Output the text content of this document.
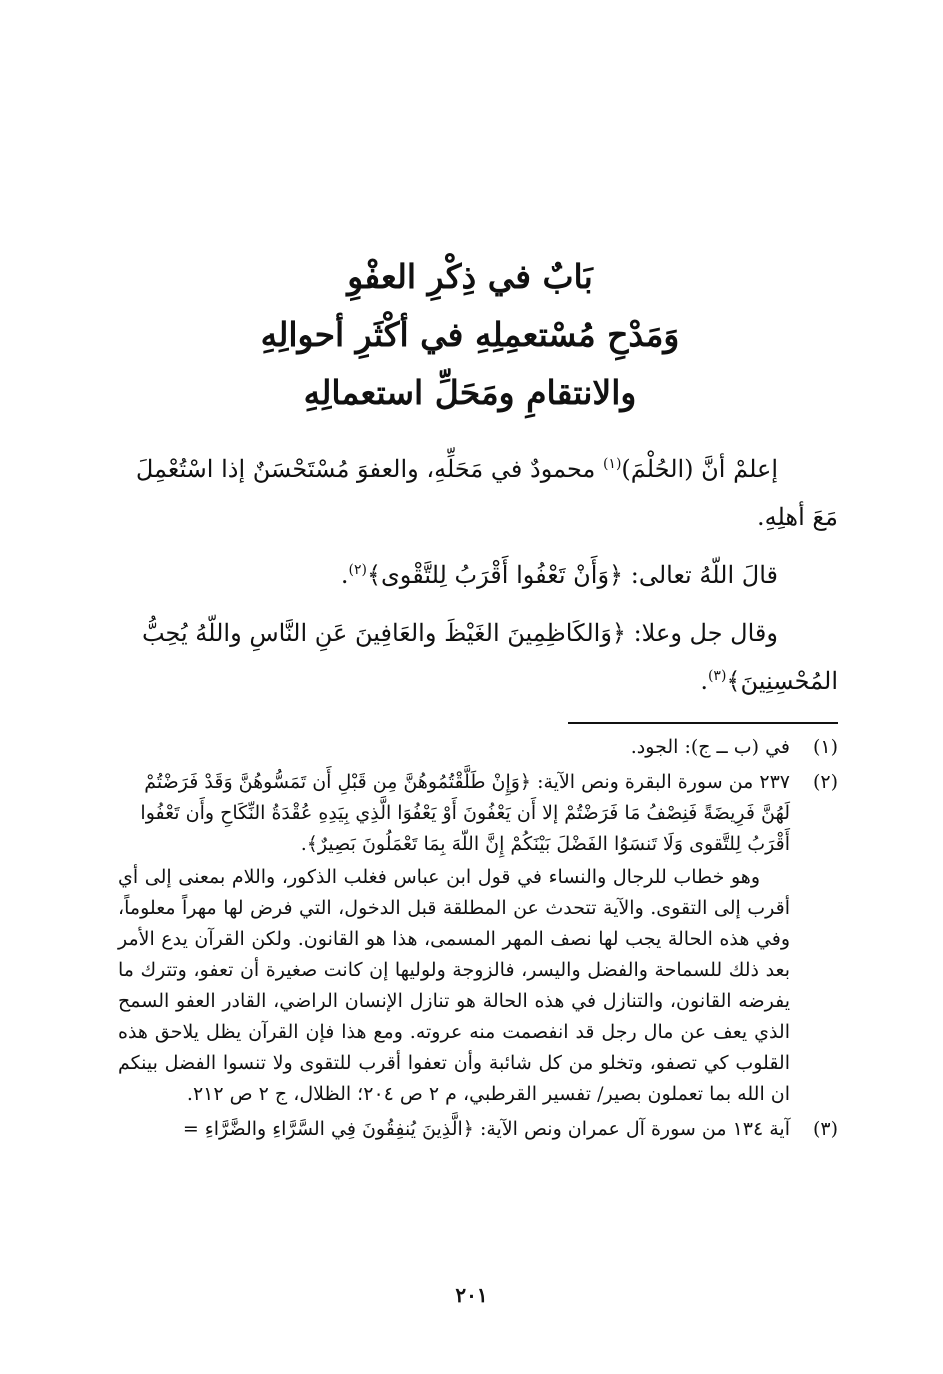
بَابٌ في ذِكْرِ العفْوِ
وَمَدْحِ مُسْتعمِلِهِ في أكْثَرِ أحوالِهِ
والانتقامِ ومَحَلِّ استعمالِهِ

إعلمْ أنَّ (الحُلْمَ)$^{(١)}$ محمودٌ في مَحَلِّهِ، والعفوَ مُسْتَحْسَنٌ إذا اسْتُعْمِلَ مَعَ أهلِهِ.

قالَ اللّهُ تعالى: ﴿وَأَنْ تَعْفُوا أَقْرَبُ لِلتَّقْوى﴾$^{(٢)}$.

وقال جل وعلا: ﴿وَالكَاظِمِينَ الغَيْظَ والعَافِينَ عَنِ النَّاسِ واللّهُ يُحِبُّ المُحْسِنِينَ﴾$^{(٣)}$.

(١)
في (ب ــ ج): الجود.
(٢)
٢٣٧ من سورة البقرة ونص الآية: ﴿وَإِنْ طَلَّقْتُمُوهُنَّ مِن قَبْلِ أَن تَمَسُّوهُنَّ وَقَدْ فَرَضْتُمْ لَهُنَّ فَرِيضَةً فَنِصْفُ مَا فَرَضْتُمْ إلا أَن يَعْفُونَ أَوْ يَعْفُوَا الَّذِي بِيَدِهِ عُقْدَةُ النِّكَاحِ وأَن تَعْفُوا أَقْرَبُ لِلتَّقوى وَلَا تَنسَوُا الفَضْلَ بَيْنَكُمْ إِنَّ اللّهَ بِمَا تَعْمَلُونَ بَصِيرٌ﴾.
وهو خطاب للرجال والنساء في قول ابن عباس فغلب الذكور، واللام بمعنى إلى أي أقرب إلى التقوى. والآية تتحدث عن المطلقة قبل الدخول، التي فرض لها مهراً معلوماً، وفي هذه الحالة يجب لها نصف المهر المسمى، هذا هو القانون. ولكن القرآن يدع الأمر بعد ذلك للسماحة والفضل واليسر، فالزوجة ولوليها إن كانت صغيرة أن تعفو، وتترك ما يفرضه القانون، والتنازل في هذه الحالة هو تنازل الإنسان الراضي، القادر العفو السمح الذي يعف عن مال رجل قد انفصمت منه عروته. ومع هذا فإن القرآن يظل يلاحق هذه القلوب كي تصفو، وتخلو من كل شائبة وأن تعفوا أقرب للتقوى ولا تنسوا الفضل بينكم ان الله بما تعملون بصير/ تفسير القرطبي، م ٢ ص ٢٠٤؛ الظلال، ج ٢ ص ٢١٢.
(٣)
آية ١٣٤ من سورة آل عمران ونص الآية: ﴿الَّذِينَ يُنفِقُونَ فِي السَّرَّاءِ والضَّرَّاءِ =
٢٠١
